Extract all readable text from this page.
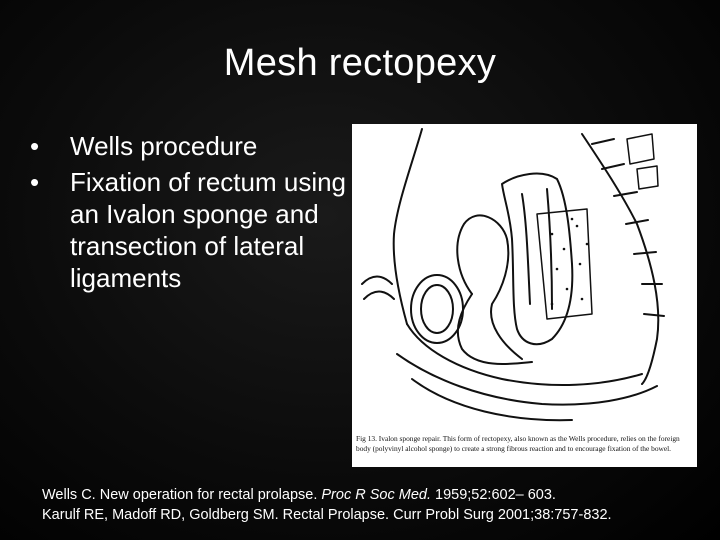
Mesh rectopexy
•	Wells procedure
•	Fixation of rectum using an Ivalon sponge and transection of lateral ligaments
Fig 13. Ivalon sponge repair. This form of rectopexy, also known as the Wells procedure, relies on the foreign body (polyvinyl alcohol sponge) to create a strong fibrous reaction and to encourage fixation of the bowel.
Wells C. New operation for rectal prolapse. Proc R Soc Med. 1959;52:602– 603.
Karulf RE, Madoff RD, Goldberg SM. Rectal Prolapse. Curr Probl Surg 2001;38:757-832.
